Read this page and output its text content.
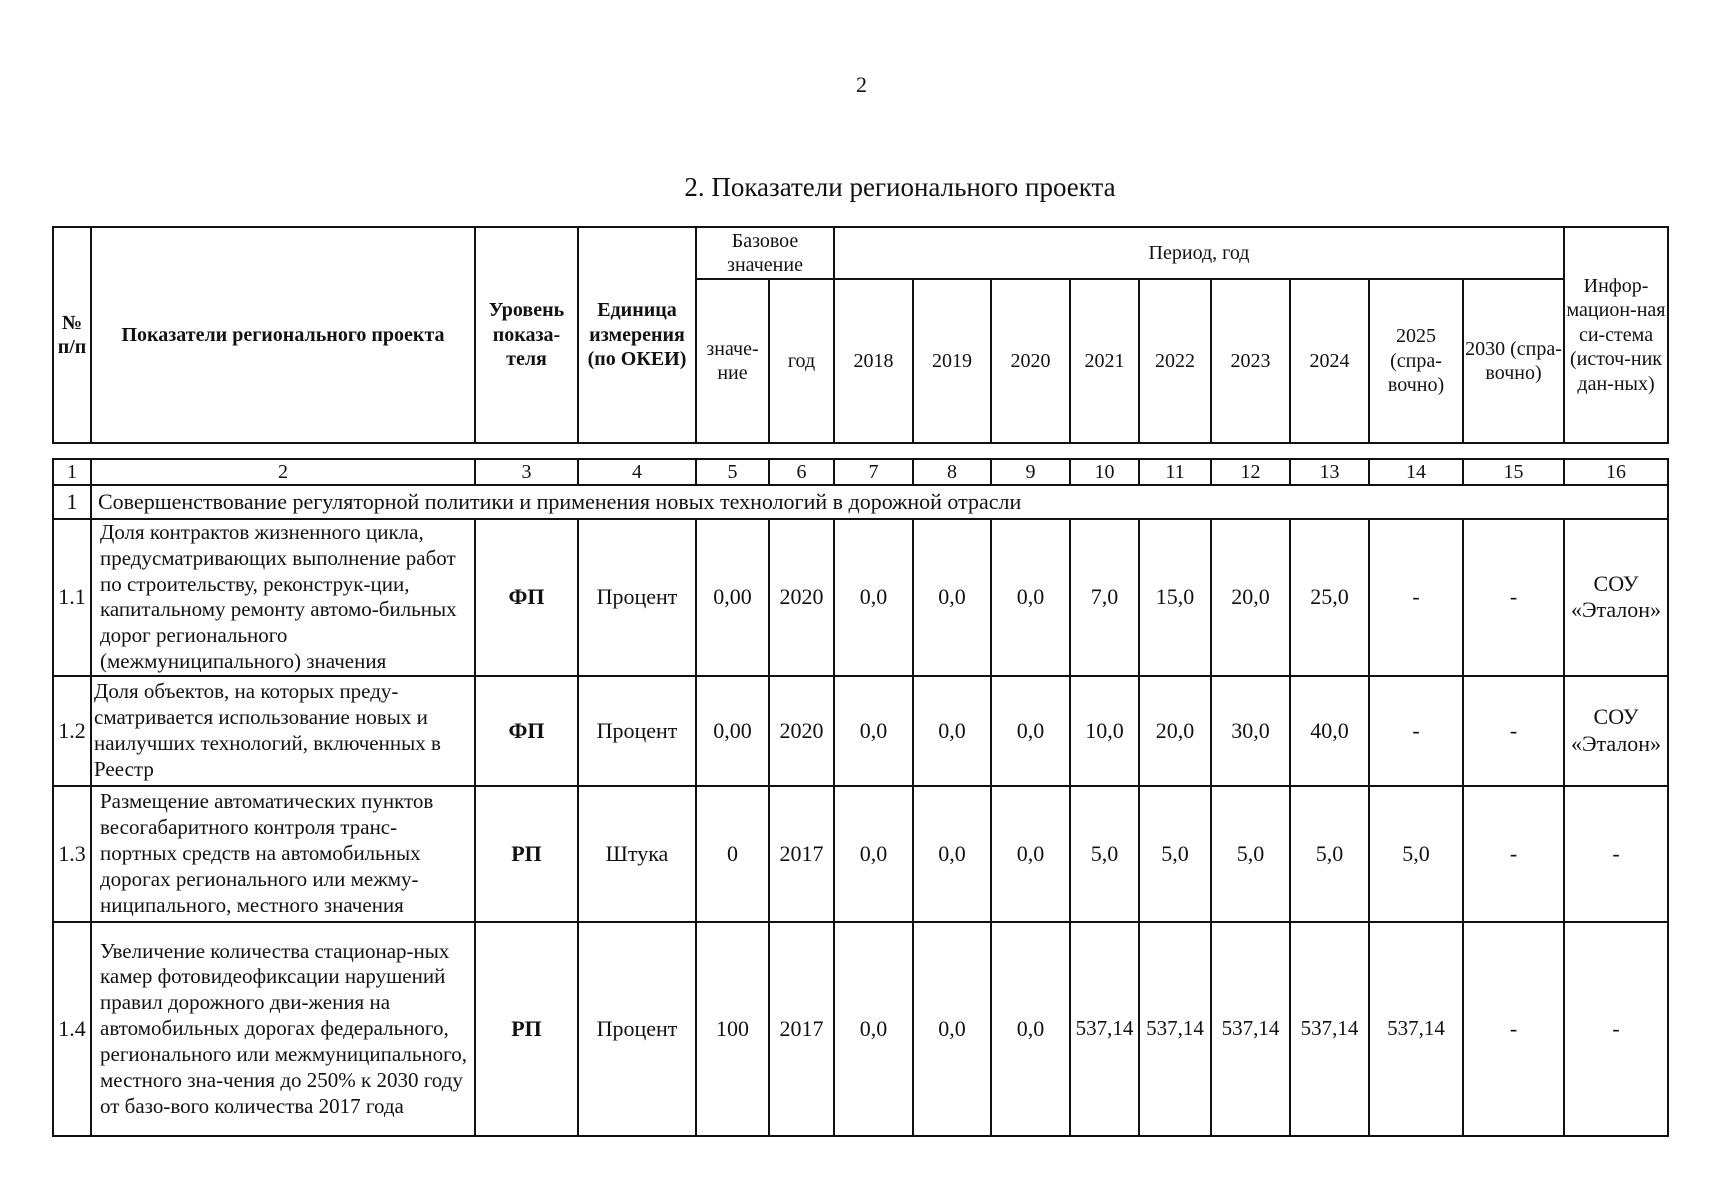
2
2. Показатели регионального проекта
№ п/п	Показатели регионального проекта	Уровень показа-теля	Единица измерения (по ОКЕИ)	Базовое значение		Период, год									Инфор-мацион-ная си-стема (источ-ник дан-ных)
				значе-ние	год	2018	2019	2020	2021	2022	2023	2024	2025 (спра-вочно)	2030 (спра-вочно)	
1	2	3	4	5	6	7	8	9	10	11	12	13	14	15	16
1	Совершенствование регуляторной политики и применения новых технологий в дорожной отрасли														
1.1	Доля контрактов жизненного цикла, предусматривающих выполнение работ по строительству, реконструк-ции, капитальному ремонту автомо-бильных дорог регионального (межмуниципального) значения	ФП	Процент	0,00	2020	0,0	0,0	0,0	7,0	15,0	20,0	25,0	-	-	СОУ «Эталон»
1.2	Доля объектов, на которых преду-сматривается использование новых и наилучших технологий, включенных в Реестр	ФП	Процент	0,00	2020	0,0	0,0	0,0	10,0	20,0	30,0	40,0	-	-	СОУ «Эталон»
1.3	Размещение автоматических пунктов весогабаритного контроля транс-портных средств на автомобильных дорогах регионального или межму-ниципального, местного значения	РП	Штука	0	2017	0,0	0,0	0,0	5,0	5,0	5,0	5,0	5,0	-	-
1.4	Увеличение количества стационар-ных камер фотовидеофиксации нарушений правил дорожного дви-жения на автомобильных дорогах федерального, регионального или межмуниципального, местного зна-чения до 250% к 2030 году от базо-вого количества 2017 года	РП	Процент	100	2017	0,0	0,0	0,0	537,14	537,14	537,14	537,14	537,14	-	-
